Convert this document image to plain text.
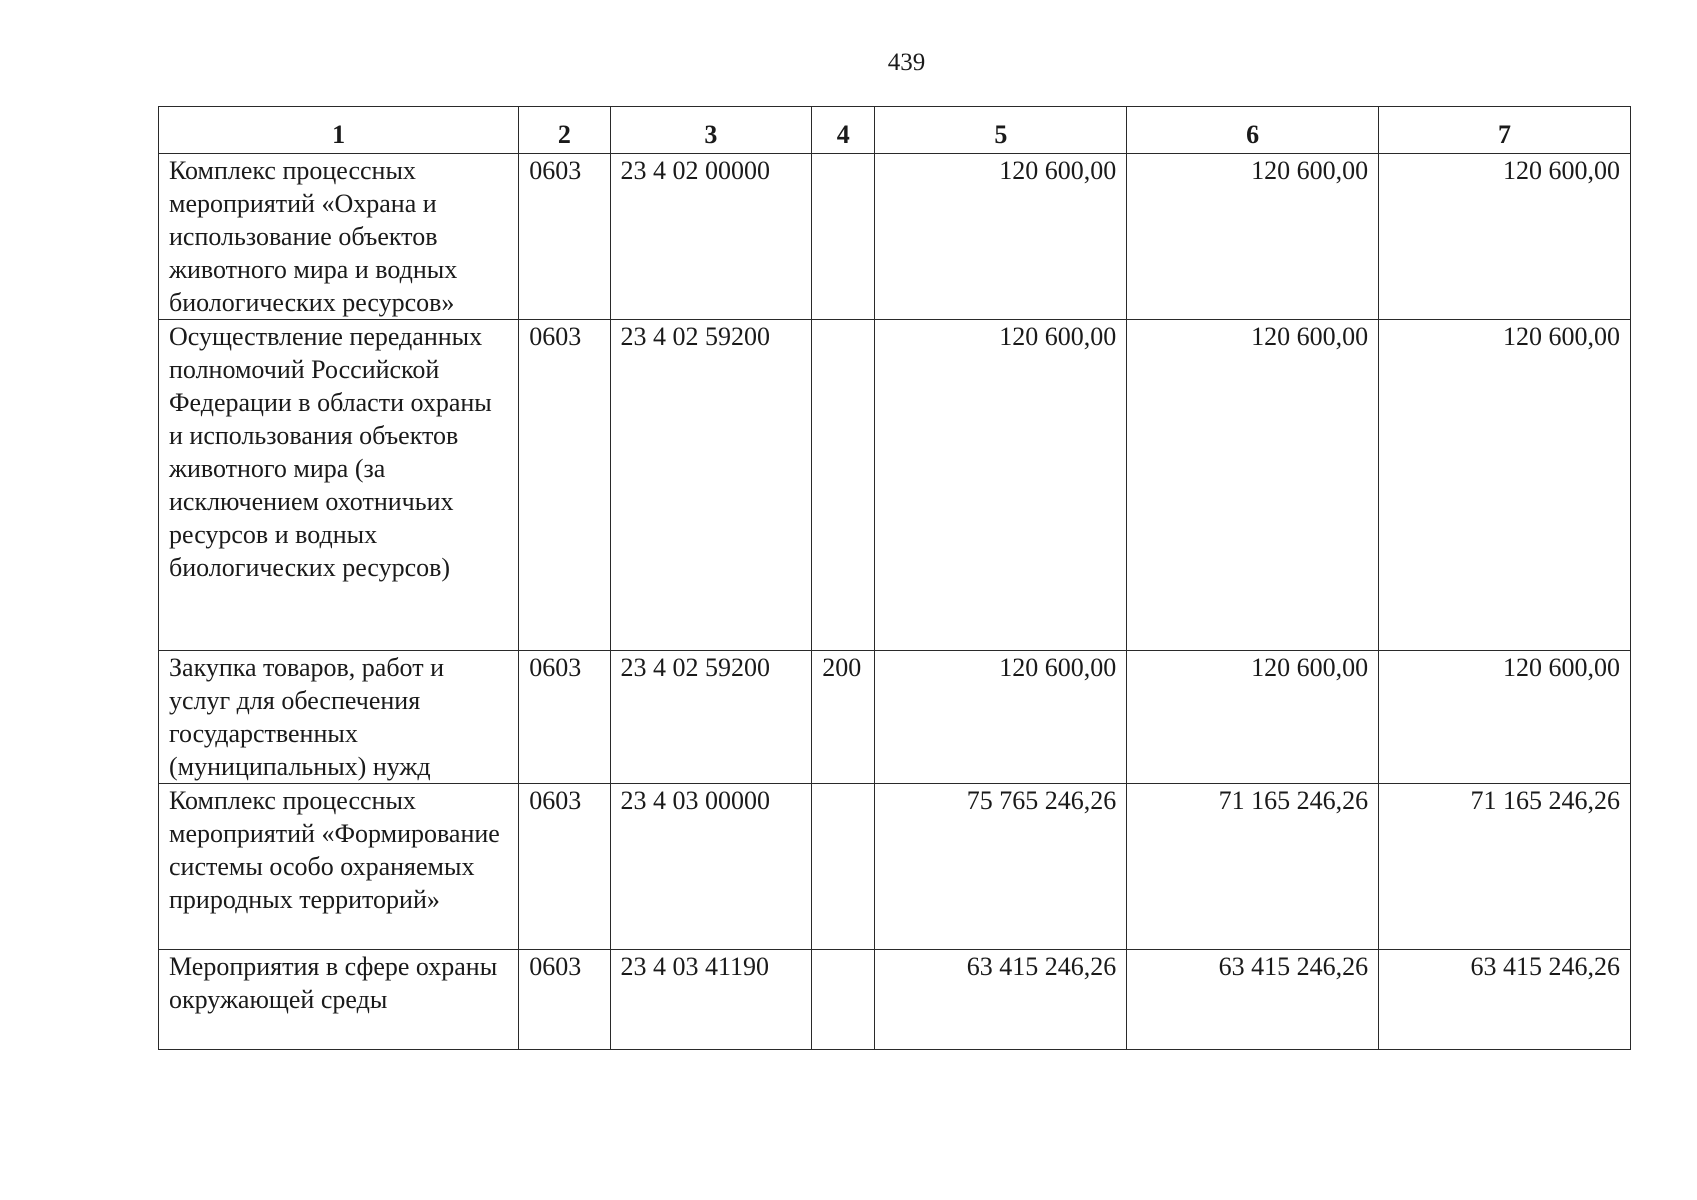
439
1	2	3	4	5	6	7
Комплекс процессных мероприятий «Охрана и использование объектов животного мира и водных биологических ресурсов»	0603	23 4 02 00000		120 600,00	120 600,00	120 600,00
Осуществление переданных полномочий Российской Федерации в области охраны и использования объектов животного мира (за исключением охотничьих ресурсов и водных биологических ресурсов)	0603	23 4 02 59200		120 600,00	120 600,00	120 600,00
Закупка товаров, работ и услуг для обеспечения государственных (муниципальных) нужд	0603	23 4 02 59200	200	120 600,00	120 600,00	120 600,00
Комплекс процессных мероприятий «Формирование системы особо охраняемых природных территорий»	0603	23 4 03 00000		75 765 246,26	71 165 246,26	71 165 246,26
Мероприятия в сфере охраны окружающей среды	0603	23 4 03 41190		63 415 246,26	63 415 246,26	63 415 246,26
